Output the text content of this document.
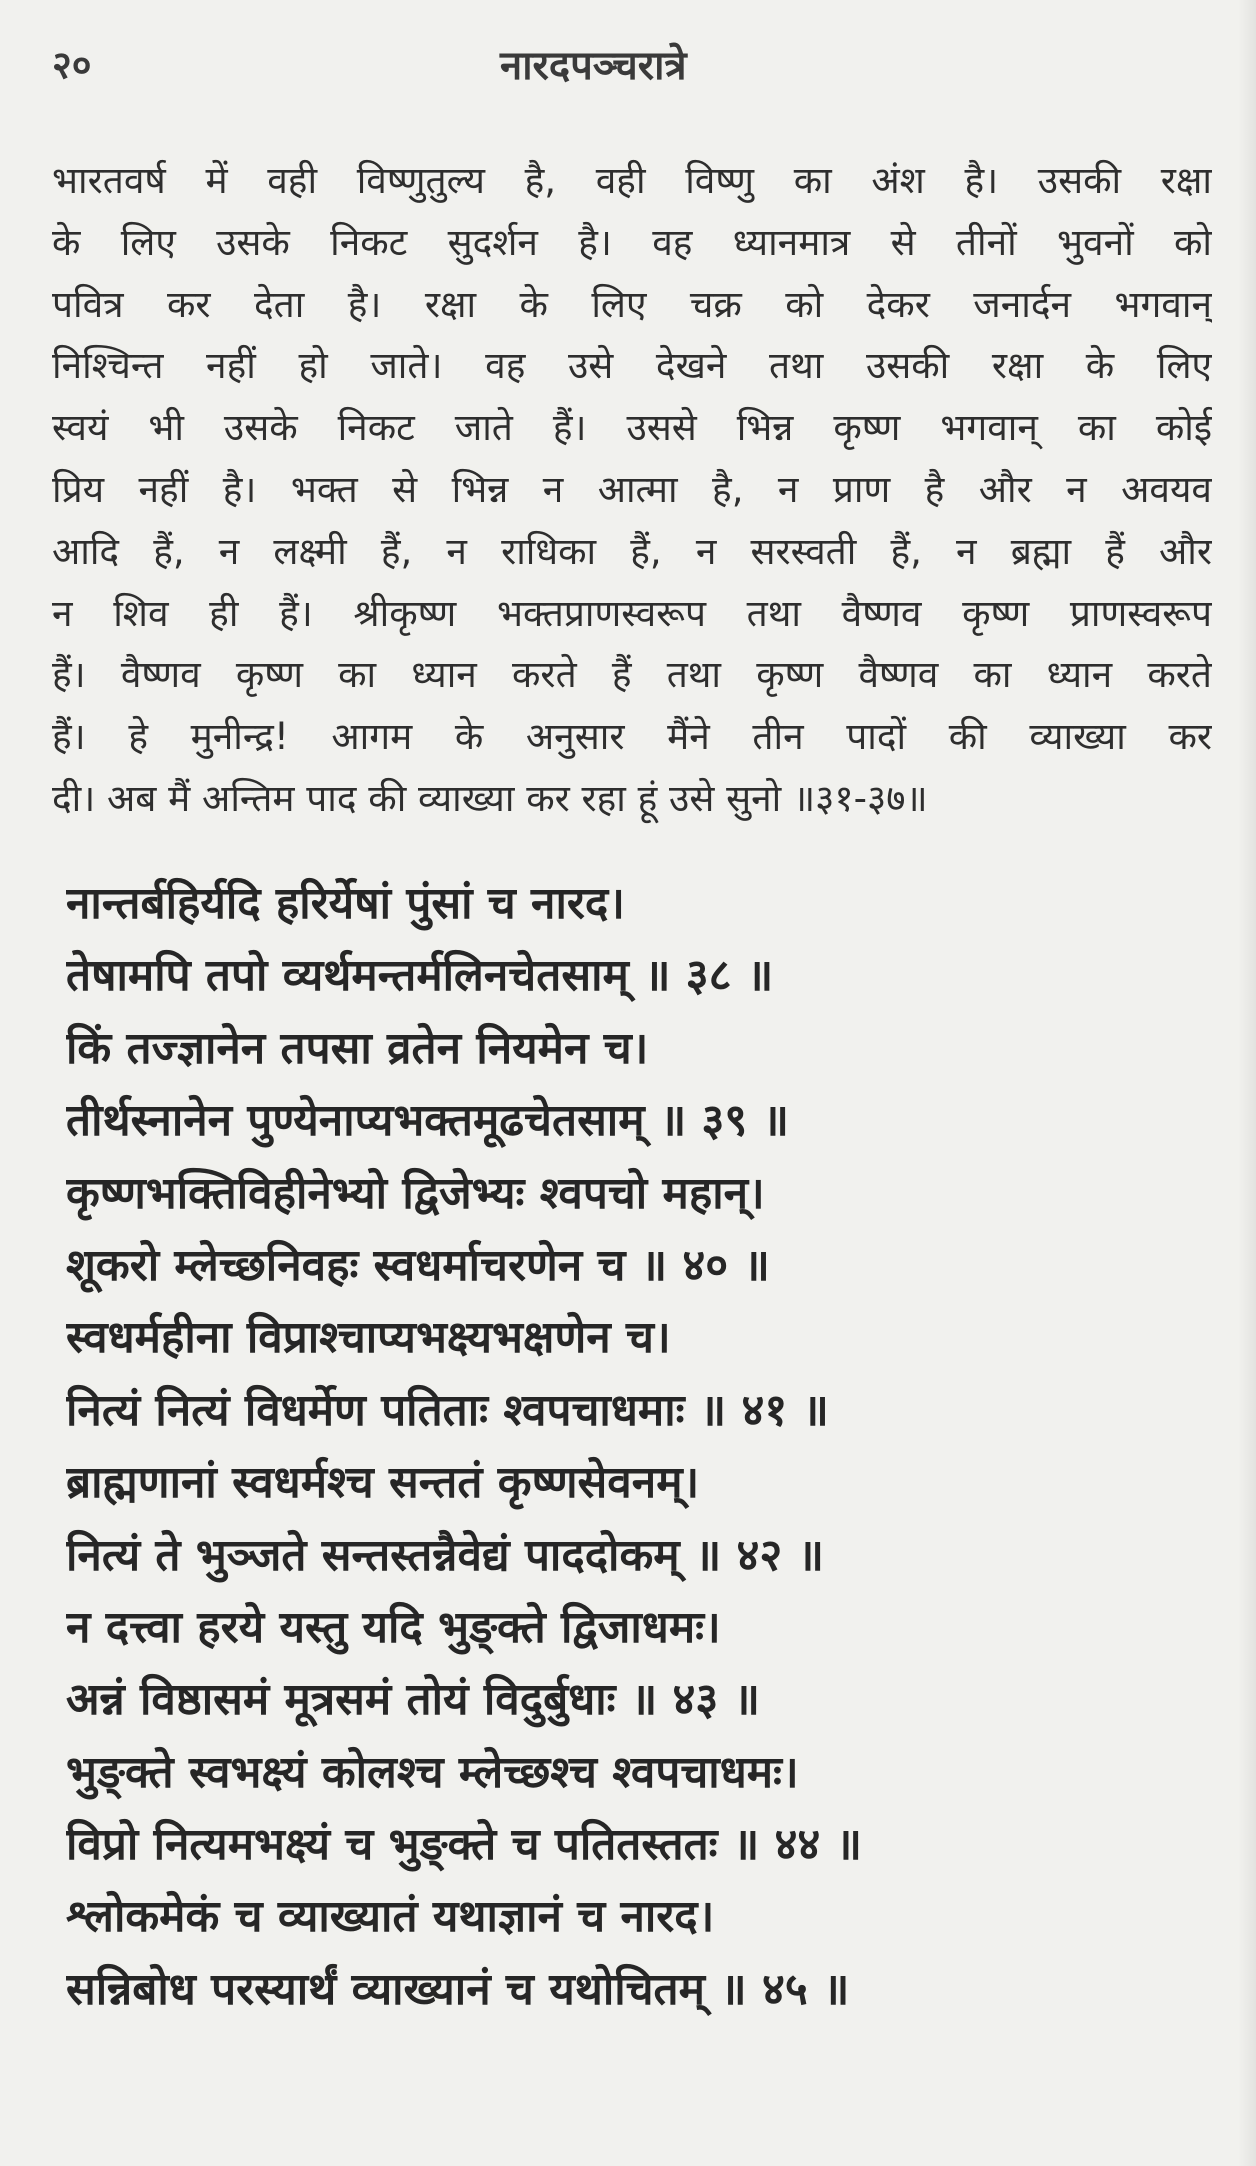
२०	नारदपञ्चरात्रे
भारतवर्ष में वही विष्णुतुल्य है, वही विष्णु का अंश है। उसकी रक्षा
के लिए उसके निकट सुदर्शन है। वह ध्यानमात्र से तीनों भुवनों को
पवित्र कर देता है। रक्षा के लिए चक्र को देकर जनार्दन भगवान्
निश्चिन्त नहीं हो जाते। वह उसे देखने तथा उसकी रक्षा के लिए
स्वयं भी उसके निकट जाते हैं। उससे भिन्न कृष्ण भगवान् का कोई
प्रिय नहीं है। भक्त से भिन्न न आत्मा है, न प्राण है और न अवयव
आदि हैं, न लक्ष्मी हैं, न राधिका हैं, न सरस्वती हैं, न ब्रह्मा हैं और
न शिव ही हैं। श्रीकृष्ण भक्तप्राणस्वरूप तथा वैष्णव कृष्ण प्राणस्वरूप
हैं। वैष्णव कृष्ण का ध्यान करते हैं तथा कृष्ण वैष्णव का ध्यान करते
हैं। हे मुनीन्द्र! आगम के अनुसार मैंने तीन पादों की व्याख्या कर
दी। अब मैं अन्तिम पाद की व्याख्या कर रहा हूं उसे सुनो ॥३१-३७॥
नान्तर्बहिर्यदि हरिर्येषां पुंसां च नारद।
तेषामपि तपो व्यर्थमन्तर्मलिनचेतसाम् ॥ ३८ ॥
किं तज्ज्ञानेन तपसा व्रतेन नियमेन च।
तीर्थस्नानेन पुण्येनाप्यभक्तमूढचेतसाम् ॥ ३९ ॥
कृष्णभक्तिविहीनेभ्यो द्विजेभ्यः श्वपचो महान्।
शूकरो म्लेच्छनिवहः स्वधर्माचरणेन च ॥ ४० ॥
स्वधर्महीना विप्राश्चाप्यभक्ष्यभक्षणेन च।
नित्यं नित्यं विधर्मेण पतिताः श्वपचाधमाः ॥ ४१ ॥
ब्राह्मणानां स्वधर्मश्च सन्ततं कृष्णसेवनम्।
नित्यं ते भुञ्जते सन्तस्तन्नैवेद्यं पाददोकम् ॥ ४२ ॥
न दत्त्वा हरये यस्तु यदि भुङ्क्ते द्विजाधमः।
अन्नं विष्ठासमं मूत्रसमं तोयं विदुर्बुधाः ॥ ४३ ॥
भुङ्क्ते स्वभक्ष्यं कोलश्च म्लेच्छश्च श्वपचाधमः।
विप्रो नित्यमभक्ष्यं च भुङ्क्ते च पतितस्ततः ॥ ४४ ॥
श्लोकमेकं च व्याख्यातं यथाज्ञानं च नारद।
सन्निबोध परस्यार्थं व्याख्यानं च यथोचितम् ॥ ४५ ॥
